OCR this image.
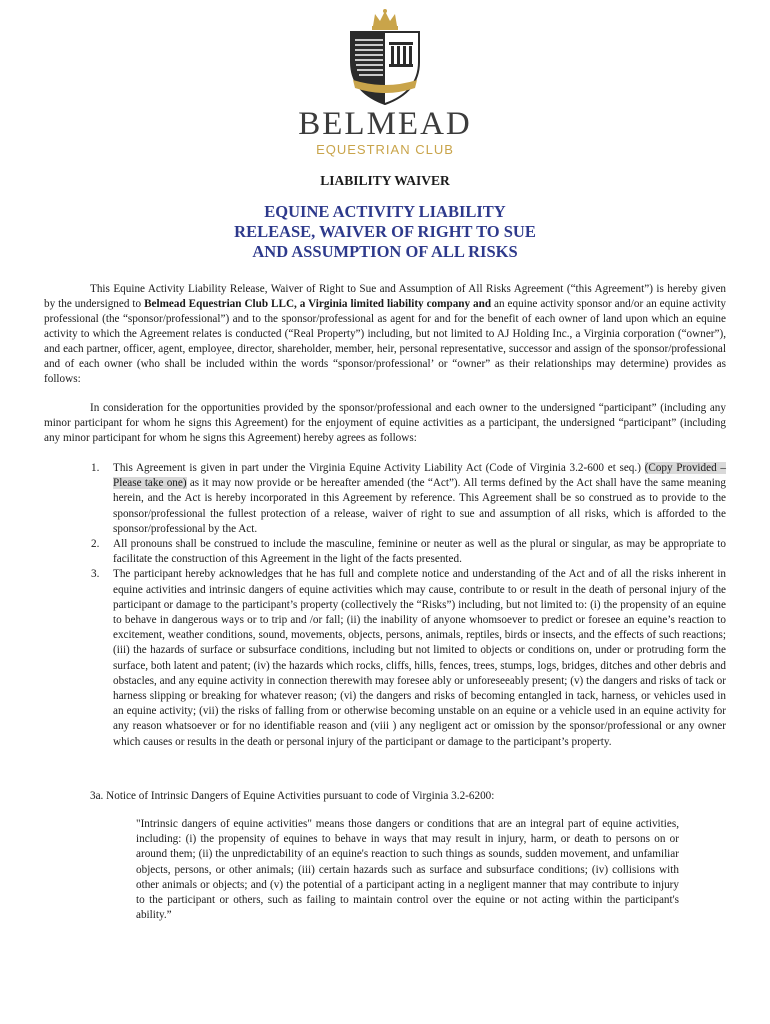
BELMEAD
EQUESTRIAN CLUB
LIABILITY WAIVER
EQUINE ACTIVITY LIABILITY
RELEASE, WAIVER OF RIGHT TO SUE
AND ASSUMPTION OF ALL RISKS
This Equine Activity Liability Release, Waiver of Right to Sue and Assumption of All Risks Agreement (“this Agreement”) is hereby given by the undersigned to Belmead Equestrian Club LLC, a Virginia limited liability company and an equine activity sponsor and/or an equine activity professional (the “sponsor/professional”) and to the sponsor/professional as agent for and for the benefit of each owner of land upon which an equine activity to which the Agreement relates is conducted (“Real Property”) including, but not limited to AJ Holding Inc., a Virginia corporation (“owner”), and each partner, officer, agent, employee, director, shareholder, member, heir, personal representative, successor and assign of the sponsor/professional and of each owner (who shall be included within the words “sponsor/professional’ or “owner” as their relationships may determine) provides as follows:
In consideration for the opportunities provided by the sponsor/professional and each owner to the undersigned “participant” (including any minor participant for whom he signs this Agreement) for the enjoyment of equine activities as a participant, the undersigned “participant” (including any minor participant for whom he signs this Agreement) hereby agrees as follows:
1.	This Agreement is given in part under the Virginia Equine Activity Liability Act (Code of Virginia 3.2-600 et seq.) (Copy Provided – Please take one) as it may now provide or be hereafter amended (the “Act”). All terms defined by the Act shall have the same meaning herein, and the Act is hereby incorporated in this Agreement by reference. This Agreement shall be so construed as to provide to the sponsor/professional the fullest protection of a release, waiver of right to sue and assumption of all risks, which is afforded to the sponsor/professional by the Act.
2.	All pronouns shall be construed to include the masculine, feminine or neuter as well as the plural or singular, as may be appropriate to facilitate the construction of this Agreement in the light of the facts presented.
3.	The participant hereby acknowledges that he has full and complete notice and understanding of the Act and of all the risks inherent in equine activities and intrinsic dangers of equine activities which may cause, contribute to or result in the death of personal injury of the participant or damage to the participant’s property (collectively the “Risks”) including, but not limited to: (i) the propensity of an equine to behave in dangerous ways or to trip and /or fall; (ii) the inability of anyone whomsoever to predict or foresee an equine’s reaction to excitement, weather conditions, sound, movements, objects, persons, animals, reptiles, birds or insects, and the effects of such reactions; (iii) the hazards of surface or subsurface conditions, including but not limited to objects or conditions on, under or protruding form the surface, both latent and patent; (iv) the hazards which rocks, cliffs, hills, fences, trees, stumps, logs, bridges, ditches and other debris and obstacles, and any equine activity in connection therewith may foresee ably or unforeseeably present; (v) the dangers and risks of tack or harness slipping or breaking for whatever reason; (vi) the dangers and risks of becoming entangled in tack, harness, or vehicles used in an equine activity; (vii) the risks of falling from or otherwise becoming unstable on an equine or a vehicle used in an equine activity for any reason whatsoever or for no identifiable reason and (viii ) any negligent act or omission by the sponsor/professional or any owner which causes or results in the death or personal injury of the participant or damage to the participant’s property.
3a. Notice of Intrinsic Dangers of Equine Activities pursuant to code of Virginia 3.2-6200:
"Intrinsic dangers of equine activities" means those dangers or conditions that are an integral part of equine activities, including: (i) the propensity of equines to behave in ways that may result in injury, harm, or death to persons on or around them; (ii) the unpredictability of an equine's reaction to such things as sounds, sudden movement, and unfamiliar objects, persons, or other animals; (iii) certain hazards such as surface and subsurface conditions; (iv) collisions with other animals or objects; and (v) the potential of a participant acting in a negligent manner that may contribute to injury to the participant or others, such as failing to maintain control over the equine or not acting within the participant's ability.”
